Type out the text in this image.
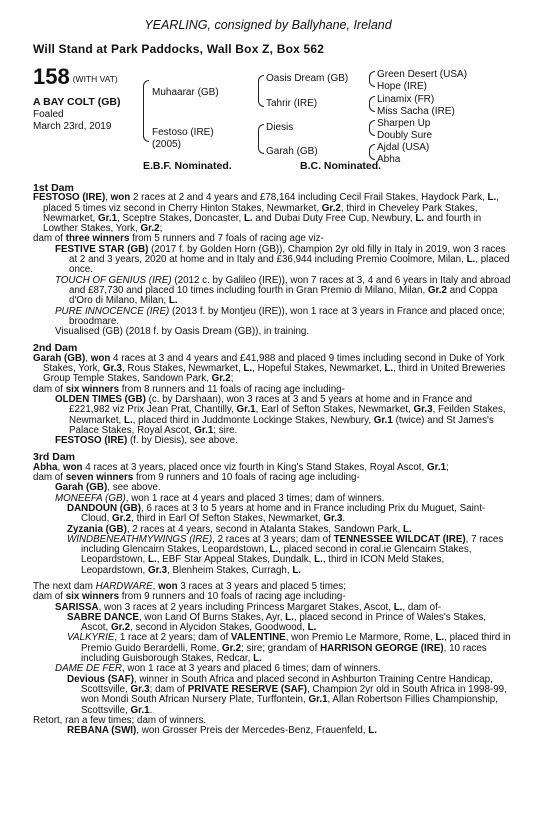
YEARLING, consigned by Ballyhane, Ireland
Will Stand at Park Paddocks, Wall Box Z, Box 562
158 (WITH VAT)
A BAY COLT (GB)
Foaled
March 23rd, 2019
Muhaarar (GB)
Festoso (IRE)
(2005)
Oasis Dream (GB)
Tahrir (IRE)
Diesis
Garah (GB)
Green Desert (USA)
Hope (IRE)
Linamix (FR)
Miss Sacha (IRE)
Sharpen Up
Doubly Sure
Ajdal (USA)
Abha
E.B.F. Nominated.	B.C. Nominated.

1st Dam

FESTOSO (IRE), won 2 races at 2 and 4 years and £78,164 including Cecil Frail Stakes, Haydock Park, L., placed 5 times viz second in Cherry Hinton Stakes, Newmarket, Gr.2, third in Cheveley Park Stakes, Newmarket, Gr.1, Sceptre Stakes, Doncaster, L. and Dubai Duty Free Cup, Newbury, L. and fourth in Lowther Stakes, York, Gr.2;

dam of three winners from 5 runners and 7 foals of racing age viz-

FESTIVE STAR (GB) (2017 f. by Golden Horn (GB)), Champion 2yr old filly in Italy in 2019, won 3 races at 2 and 3 years, 2020 at home and in Italy and £36,944 including Premio Coolmore, Milan, L., placed once.

TOUCH OF GENIUS (IRE) (2012 c. by Galileo (IRE)), won 7 races at 3, 4 and 6 years in Italy and abroad and £87,730 and placed 10 times including fourth in Gran Premio di Milano, Milan, Gr.2 and Coppa d'Oro di Milano, Milan, L.

PURE INNOCENCE (IRE) (2013 f. by Montjeu (IRE)), won 1 race at 3 years in France and placed once; broodmare.

Visualised (GB) (2018 f. by Oasis Dream (GB)), in training.

2nd Dam

Garah (GB), won 4 races at 3 and 4 years and £41,988 and placed 9 times including second in Duke of York Stakes, York, Gr.3, Rous Stakes, Newmarket, L., Hopeful Stakes, Newmarket, L., third in United Breweries Group Temple Stakes, Sandown Park, Gr.2;

dam of six winners from 8 runners and 11 foals of racing age including-

OLDEN TIMES (GB) (c. by Darshaan), won 3 races at 3 and 5 years at home and in France and £221,982 viz Prix Jean Prat, Chantilly, Gr.1, Earl of Sefton Stakes, Newmarket, Gr.3, Feilden Stakes, Newmarket, L., placed third in Juddmonte Lockinge Stakes, Newbury, Gr.1 (twice) and St James's Palace Stakes, Royal Ascot, Gr.1; sire.

FESTOSO (IRE) (f. by Diesis), see above.

3rd Dam

Abha, won 4 races at 3 years, placed once viz fourth in King's Stand Stakes, Royal Ascot, Gr.1;

dam of seven winners from 9 runners and 10 foals of racing age including-

Garah (GB), see above.

MONEEFA (GB), won 1 race at 4 years and placed 3 times; dam of winners.

DANDOUN (GB), 6 races at 3 to 5 years at home and in France including Prix du Muguet, Saint-Cloud, Gr.2, third in Earl Of Sefton Stakes, Newmarket, Gr.3.

Zyzania (GB), 2 races at 4 years, second in Atalanta Stakes, Sandown Park, L.

WINDBENEATHMYWINGS (IRE), 2 races at 3 years; dam of TENNESSEE WILDCAT (IRE), 7 races including Glencairn Stakes, Leopardstown, L., placed second in coral.ie Glencairn Stakes, Leopardstown, L., EBF Star Appeal Stakes, Dundalk, L., third in ICON Meld Stakes, Leopardstown, Gr.3, Blenheim Stakes, Curragh, L.

The next dam HARDWARE, won 3 races at 3 years and placed 5 times;

dam of six winners from 9 runners and 10 foals of racing age including-

SARISSA, won 3 races at 2 years including Princess Margaret Stakes, Ascot, L., dam of-

SABRE DANCE, won Land Of Burns Stakes, Ayr, L., placed second in Prince of Wales's Stakes, Ascot, Gr.2, second in Alycidon Stakes, Goodwood, L.

VALKYRIE, 1 race at 2 years; dam of VALENTINE, won Premio Le Marmore, Rome, L., placed third in Premio Guido Berardelli, Rome, Gr.2; sire; grandam of HARRISON GEORGE (IRE), 10 races including Guisborough Stakes, Redcar, L.

DAME DE FER, won 1 race at 3 years and placed 6 times; dam of winners.

Devious (SAF), winner in South Africa and placed second in Ashburton Training Centre Handicap, Scottsville, Gr.3; dam of PRIVATE RESERVE (SAF), Champion 2yr old in South Africa in 1998-99, won Mondi South African Nursery Plate, Turffontein, Gr.1, Allan Robertson Fillies Championship, Scottsville, Gr.1.

Retort, ran a few times; dam of winners.

REBANA (SWI), won Grosser Preis der Mercedes-Benz, Frauenfeld, L.
